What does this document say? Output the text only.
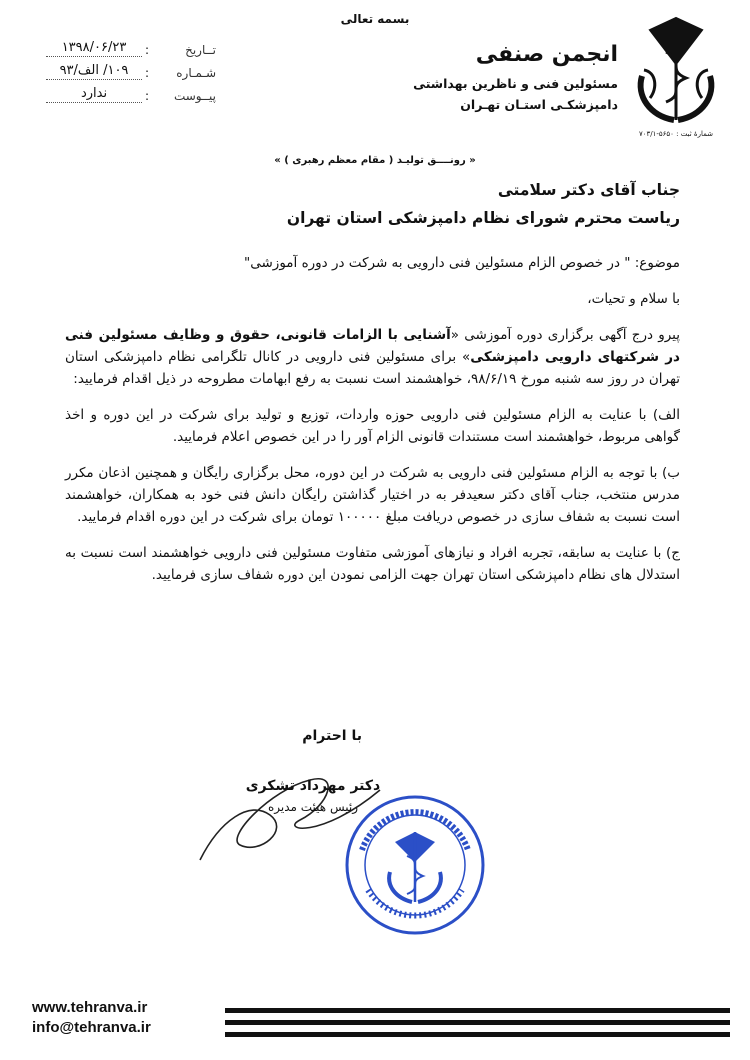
بسمه تعالی
شمارهٔ ثبت : ۵۶۵۰-۷۰۳/۱
انجمن صنفی
مسئولین فنی و ناظرین بهداشتی
دامپزشکـی استـان تهـران
تــاریخ
:
۱۳۹۸/۰۶/۲۳
شـمـاره
:
۱۰۹/ الف/۹۳
پیــوست
:
ندارد
« رونــــق تولیـد ( مقام معظم رهبری ) »

جناب آقای دکتر سلامتی

ریاست محترم شورای نظام دامپزشکی استان تهران

موضوع: " در خصوص الزام مسئولین فنی دارویی به شرکت در دوره آموزشی"

با سلام و تحیات،

پیرو درج آگهی برگزاری دوره آموزشی «آشنایی با الزامات قانونی، حقوق و وظایف مسئولین فنی در شرکتهای دارویی دامپزشکی» برای مسئولین فنی دارویی در کانال تلگرامی نظام دامپزشکی استان تهران در روز سه شنبه مورخ ۹۸/۶/۱۹، خواهشمند است نسبت به رفع ابهامات مطروحه در ذیل اقدام فرمایید:

الف) با عنایت به الزام مسئولین فنی دارویی حوزه واردات، توزیع و تولید برای شرکت در این دوره و اخذ گواهی مربوط، خواهشمند است مستندات قانونی الزام آور را در این خصوص اعلام فرمایید.

ب) با توجه به الزام مسئولین فنی دارویی به شرکت در این دوره، محل برگزاری رایگان و همچنین اذعان مکرر مدرس منتخب، جناب آقای دکتر سعیدفر به در اختیار گذاشتن رایگان دانش فنی خود به همکاران، خواهشمند است نسبت به شفاف سازی در خصوص دریافت مبلغ ۱۰۰۰۰۰ تومان برای شرکت در این دوره اقدام فرمایید.

ج) با عنایت به سابقه، تجربه افراد و نیازهای آموزشی متفاوت مسئولین فنی دارویی خواهشمند است نسبت به استدلال های نظام دامپزشکی استان تهران جهت الزامی نمودن این دوره شفاف سازی فرمایید.

با احترام
دکتر مهرداد تشکری
رئیس هیئت مدیره
www.tehranva.ir
info@tehranva.ir
